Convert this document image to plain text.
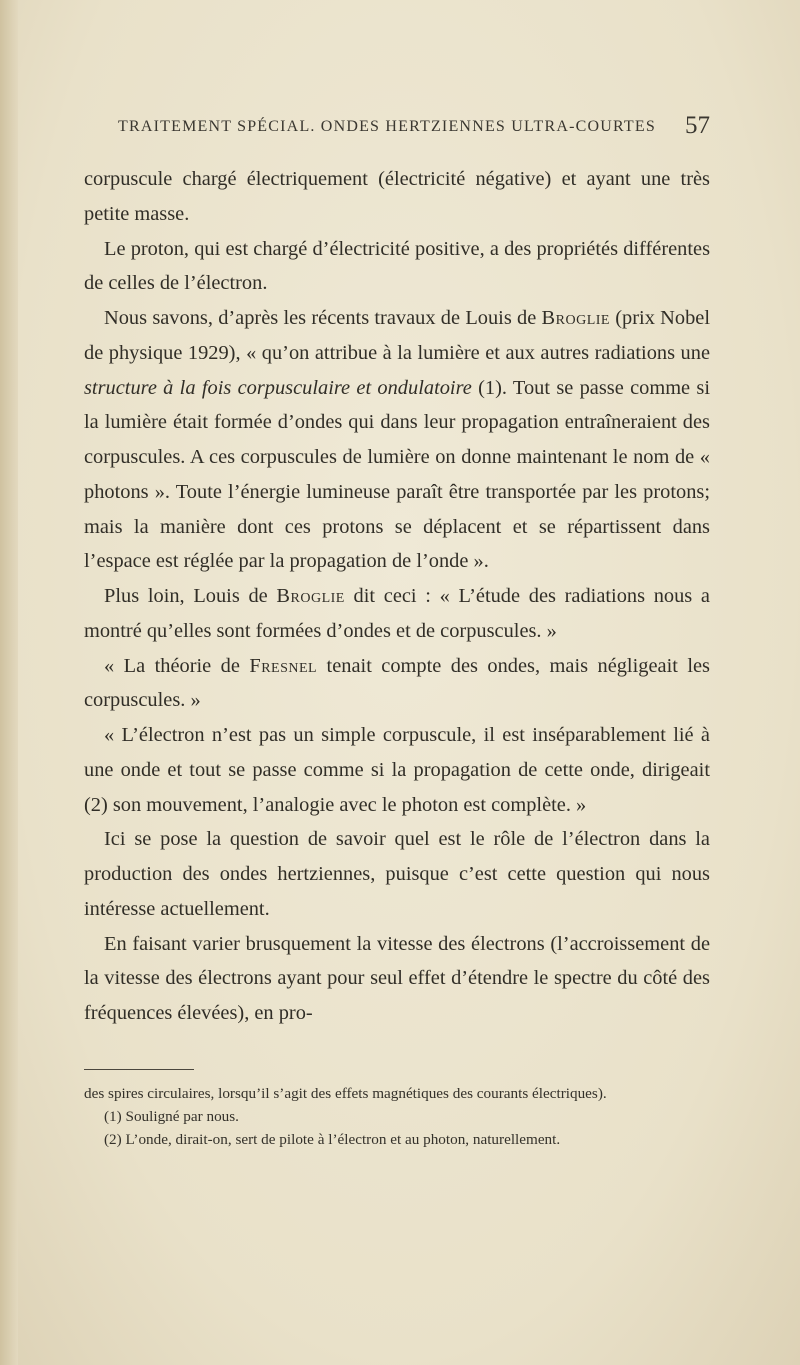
TRAITEMENT SPÉCIAL. ONDES HERTZIENNES ULTRA-COURTES 57

corpuscule chargé électriquement (électricité négative) et ayant une très petite masse.

Le proton, qui est chargé d’électricité positive, a des propriétés différentes de celles de l’électron.

Nous savons, d’après les récents travaux de Louis de Broglie (prix Nobel de physique 1929), « qu’on attribue à la lumière et aux autres radiations une structure à la fois corpusculaire et ondulatoire (1). Tout se passe comme si la lumière était formée d’ondes qui dans leur propagation entraîneraient des corpuscules. A ces corpuscules de lumière on donne maintenant le nom de « photons ». Toute l’énergie lumineuse paraît être transportée par les protons; mais la manière dont ces protons se déplacent et se répartissent dans l’espace est réglée par la propagation de l’onde ».

Plus loin, Louis de Broglie dit ceci : « L’étude des radiations nous a montré qu’elles sont formées d’ondes et de corpuscules. »

« La théorie de Fresnel tenait compte des ondes, mais négligeait les corpuscules. »

« L’électron n’est pas un simple corpuscule, il est inséparablement lié à une onde et tout se passe comme si la propagation de cette onde, dirigeait (2) son mouvement, l’analogie avec le photon est complète. »

Ici se pose la question de savoir quel est le rôle de l’électron dans la production des ondes hertziennes, puisque c’est cette question qui nous intéresse actuellement.

En faisant varier brusquement la vitesse des électrons (l’accroissement de la vitesse des électrons ayant pour seul effet d’étendre le spectre du côté des fréquences élevées), en pro-

des spires circulaires, lorsqu’il s’agit des effets magnétiques des courants électriques).

(1) Souligné par nous.

(2) L’onde, dirait-on, sert de pilote à l’électron et au photon, naturellement.
